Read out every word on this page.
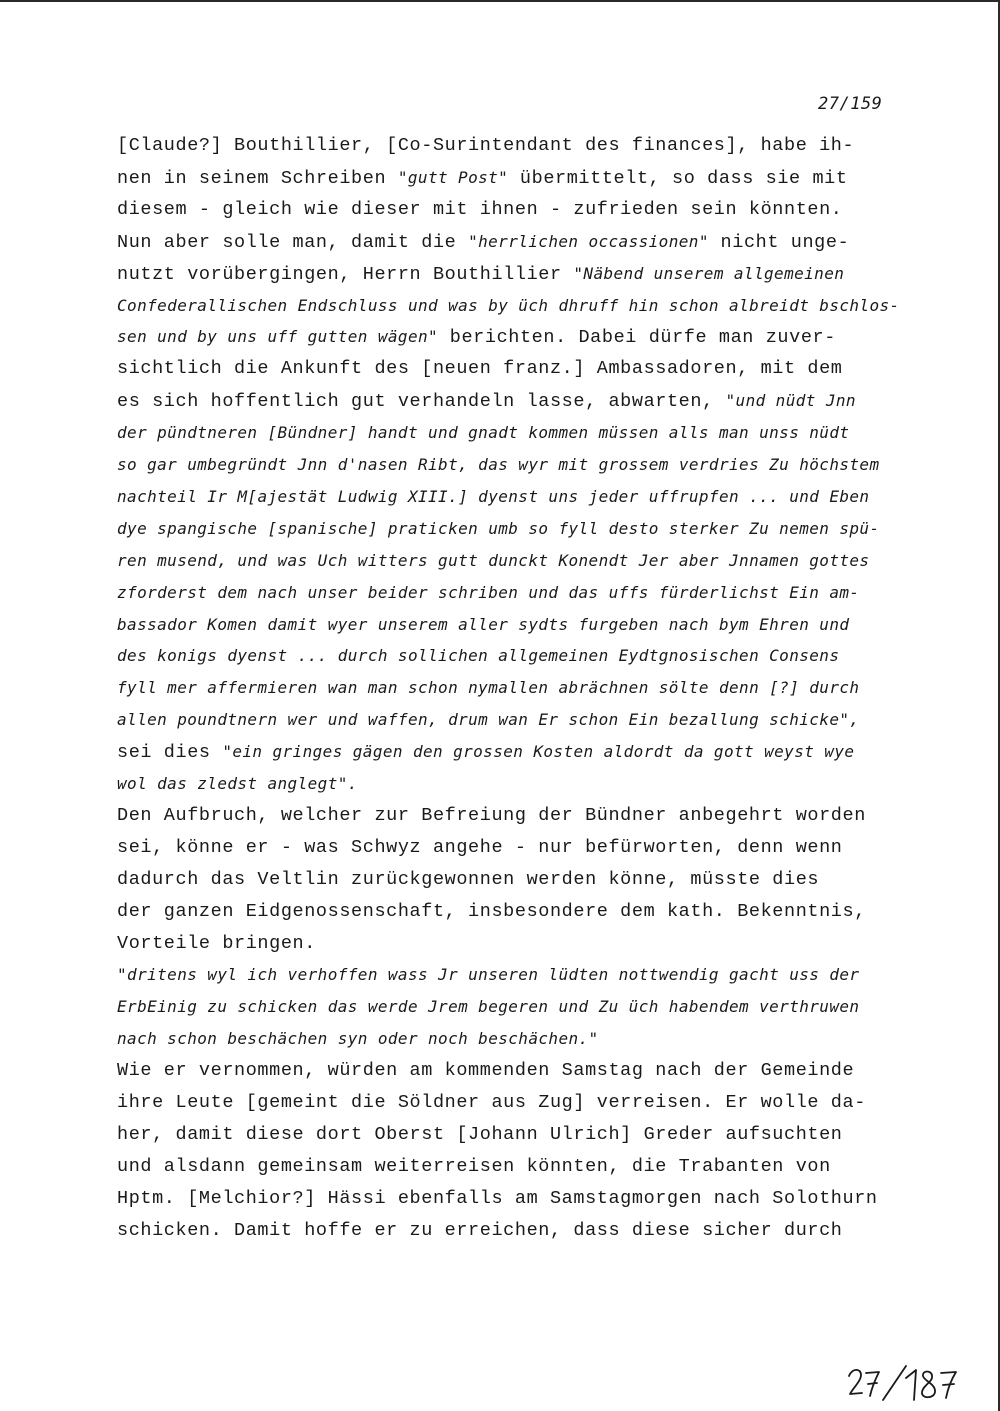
27/159
[Claude?] Bouthillier, [Co-Surintendant des finances], habe ih-
nen in seinem Schreiben "gutt Post" übermittelt, so dass sie mit
diesem - gleich wie dieser mit ihnen - zufrieden sein könnten.
Nun aber solle man, damit die "herrlichen occassionen" nicht unge-
nutzt vorübergingen, Herrn Bouthillier "Näbend unserem allgemeinen
Confederallischen Endschluss und was by üch dhruff hin schon albreidt bschlos-
sen und by uns uff gutten wägen" berichten. Dabei dürfe man zuver-
sichtlich die Ankunft des [neuen franz.] Ambassadoren, mit dem
es sich hoffentlich gut verhandeln lasse, abwarten, "und nüdt Jnn
der pündtneren [Bündner] handt und gnadt kommen müssen alls man unss nüdt
so gar umbegründt Jnn d'nasen Ribt, das wyr mit grossem verdries Zu höchstem
nachteil Ir M[ajestät Ludwig XIII.] dyenst uns jeder uffrupfen ... und Eben
dye spangische [spanische] praticken umb so fyll desto sterker Zu nemen spü-
ren musend, und was Uch witters gutt dunckt Konendt Jer aber Jnnamen gottes
zforderst dem nach unser beider schriben und das uffs fürderlichst Ein am-
bassador Komen damit wyer unserem aller sydts furgeben nach bym Ehren und
des konigs dyenst ... durch sollichen allgemeinen Eydtgnosischen Consens
fyll mer affermieren wan man schon nymallen abrächnen sölte denn [?] durch
allen poundtnern wer und waffen, drum wan Er schon Ein bezallung schicke",
sei dies "ein gringes gägen den grossen Kosten aldordt da gott weyst wye
wol das zledst anglegt".
Den Aufbruch, welcher zur Befreiung der Bündner anbegehrt worden
sei, könne er - was Schwyz angehe - nur befürworten, denn wenn
dadurch das Veltlin zurückgewonnen werden könne, müsste dies
der ganzen Eidgenossenschaft, insbesondere dem kath. Bekenntnis,
Vorteile bringen.
"dritens wyl ich verhoffen wass Jr unseren lüdten nottwendig gacht uss der
ErbEinig zu schicken das werde Jrem begeren und Zu üch habendem verthruwen
nach schon beschächen syn oder noch beschächen."
Wie er vernommen, würden am kommenden Samstag nach der Gemeinde
ihre Leute [gemeint die Söldner aus Zug] verreisen. Er wolle da-
her, damit diese dort Oberst [Johann Ulrich] Greder aufsuchten
und alsdann gemeinsam weiterreisen könnten, die Trabanten von
Hptm. [Melchior?] Hässi ebenfalls am Samstagmorgen nach Solothurn
schicken. Damit hoffe er zu erreichen, dass diese sicher durch
